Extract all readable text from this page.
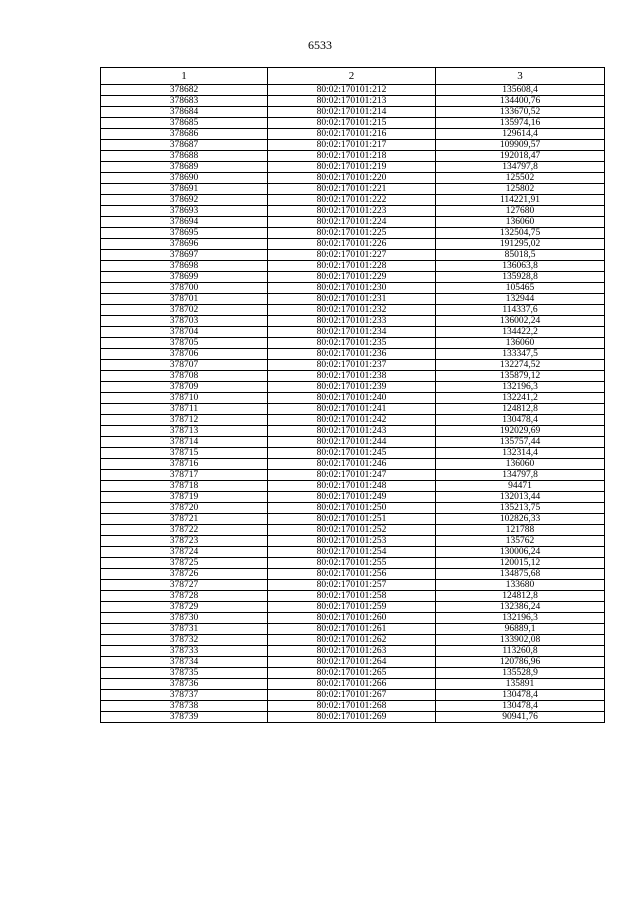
6533
1	2	3
378682	80:02:170101:212	135608,4
378683	80:02:170101:213	134400,76
378684	80:02:170101:214	133670,52
378685	80:02:170101:215	135974,16
378686	80:02:170101:216	129614,4
378687	80:02:170101:217	109909,57
378688	80:02:170101:218	192018,47
378689	80:02:170101:219	134797,8
378690	80:02:170101:220	125502
378691	80:02:170101:221	125802
378692	80:02:170101:222	114221,91
378693	80:02:170101:223	127680
378694	80:02:170101:224	136060
378695	80:02:170101:225	132504,75
378696	80:02:170101:226	191295,02
378697	80:02:170101:227	85018,5
378698	80:02:170101:228	136063,8
378699	80:02:170101:229	135928,8
378700	80:02:170101:230	105465
378701	80:02:170101:231	132944
378702	80:02:170101:232	114337,6
378703	80:02:170101:233	136002,24
378704	80:02:170101:234	134422,2
378705	80:02:170101:235	136060
378706	80:02:170101:236	133347,5
378707	80:02:170101:237	132274,52
378708	80:02:170101:238	135879,12
378709	80:02:170101:239	132196,3
378710	80:02:170101:240	132241,2
378711	80:02:170101:241	124812,8
378712	80:02:170101:242	130478,4
378713	80:02:170101:243	192029,69
378714	80:02:170101:244	135757,44
378715	80:02:170101:245	132314,4
378716	80:02:170101:246	136060
378717	80:02:170101:247	134797,8
378718	80:02:170101:248	94471
378719	80:02:170101:249	132013,44
378720	80:02:170101:250	135213,75
378721	80:02:170101:251	102826,33
378722	80:02:170101:252	121788
378723	80:02:170101:253	135762
378724	80:02:170101:254	130006,24
378725	80:02:170101:255	120015,12
378726	80:02:170101:256	134875,68
378727	80:02:170101:257	133680
378728	80:02:170101:258	124812,8
378729	80:02:170101:259	132386,24
378730	80:02:170101:260	132196,3
378731	80:02:170101:261	96889,1
378732	80:02:170101:262	133902,08
378733	80:02:170101:263	113260,8
378734	80:02:170101:264	120786,96
378735	80:02:170101:265	135528,9
378736	80:02:170101:266	135891
378737	80:02:170101:267	130478,4
378738	80:02:170101:268	130478,4
378739	80:02:170101:269	90941,76
